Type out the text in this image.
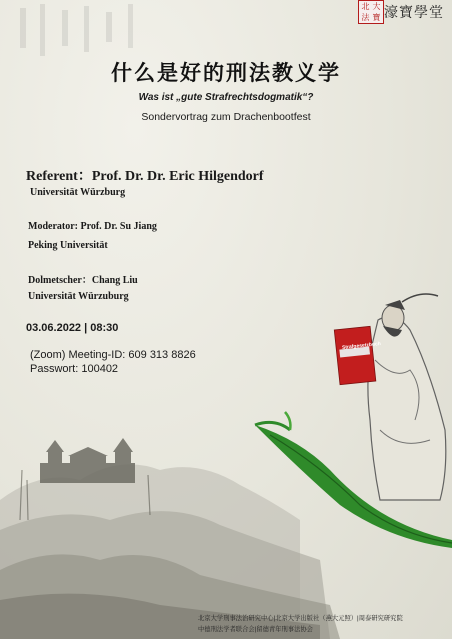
北 大
法 寶 濠寶學堂
什么是好的刑法教义学
Was ist „gute Strafrechtsdogmatik“?
Sondervortrag zum Drachenbootfest
Referent：Prof. Dr. Dr. Eric Hilgendorf
Universität Würzburg
Moderator: Prof. Dr. Su Jiang
Peking Universität
Dolmetscher：Chang Liu
Universität Würzuburg
03.06.2022 | 08:30
(Zoom) Meeting-ID: 609 313 8826
Passwort: 100402
Strafgesetzbuch
北京大学刑事法治研究中心|北京大学出版社（燕大元照）|周泰研究研究院
中德刑法学者联合会|留德青年刑事法协会
